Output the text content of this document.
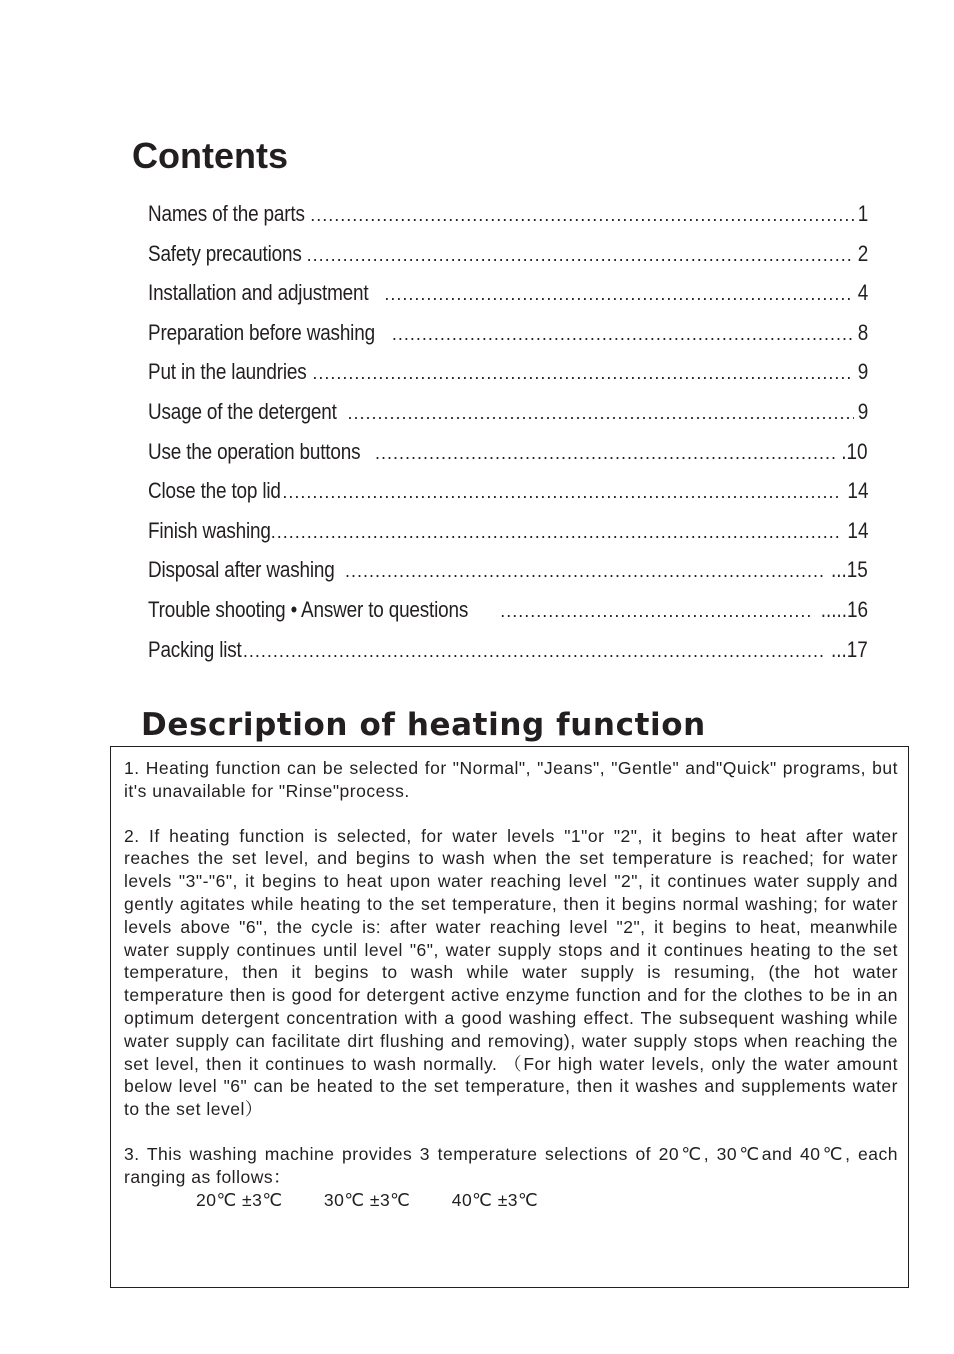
Contents
Names of the parts .....	1
Safety precautions .....	2
Installation and adjustment .....	4
Preparation before washing .....	8
Put in the laundries .....	9
Usage of the detergent .....	9
Use the operation buttons .....	.10
Close the top lid .....	14
Finish washing .....	14
Disposal after washing .....	...15
Trouble shooting • Answer to questions .....	.....16
Packing list .....	...17
Description of heating function

1. Heating function can be selected for "Normal", "Jeans", "Gentle" and"Quick" programs, but it's unavailable for "Rinse"process.

2. If heating function is selected, for water levels "1"or "2", it begins to heat after water reaches the set level, and begins to wash when the set temperature is reached; for water levels "3"-"6", it begins to heat upon water reaching level "2", it continues water supply and gently agitates while heating to the set temperature, then it begins normal washing; for water levels above "6", the cycle is: after water reaching level "2", it begins to heat, meanwhile water supply continues until level "6", water supply stops and it continues heating to the set temperature, then it begins to wash while water supply is resuming, (the hot water temperature then is good for detergent active enzyme function and for the clothes to be in an optimum detergent concentration with a good washing effect. The subsequent washing while water supply can facilitate dirt flushing and removing), water supply stops when reaching the set level, then it continues to wash normally. （For high water levels, only the water amount below level "6" can be heated to the set temperature, then it washes and supplements water to the set level）

3. This washing machine provides 3 temperature selections of 20℃, 30℃and 40℃, each ranging as follows：

20℃ ±3℃ 30℃ ±3℃ 40℃ ±3℃
